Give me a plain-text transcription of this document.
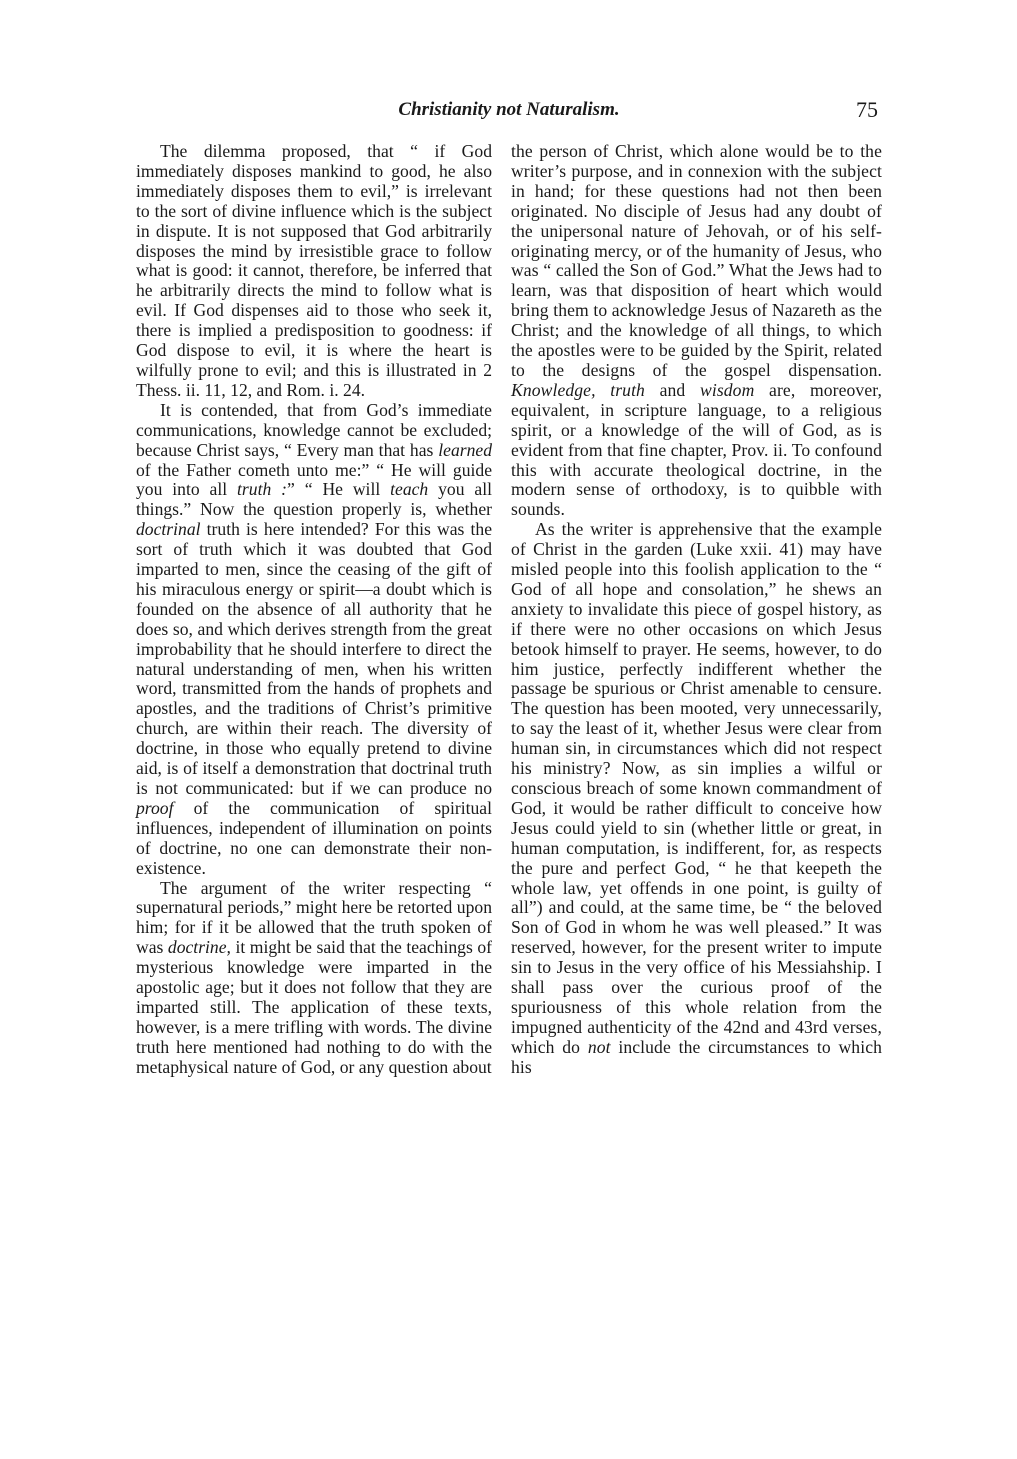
Christianity not Naturalism.	75

The dilemma proposed, that “ if God immediately disposes mankind to good, he also immediately disposes them to evil,” is irrelevant to the sort of divine influence which is the subject in dispute. It is not supposed that God arbitrarily disposes the mind by irresistible grace to follow what is good: it cannot, therefore, be inferred that he arbitrarily directs the mind to follow what is evil. If God dispenses aid to those who seek it, there is implied a predisposition to goodness: if God dispose to evil, it is where the heart is wilfully prone to evil; and this is illustrated in 2 Thess. ii. 11, 12, and Rom. i. 24.

It is contended, that from God’s immediate communications, knowledge cannot be excluded; because Christ says, “ Every man that has learned of the Father cometh unto me:” “ He will guide you into all truth :” “ He will teach you all things.” Now the question properly is, whether doctrinal truth is here intended? For this was the sort of truth which it was doubted that God imparted to men, since the ceasing of the gift of his miraculous energy or spirit—a doubt which is founded on the absence of all authority that he does so, and which derives strength from the great improbability that he should interfere to direct the natural understanding of men, when his written word, transmitted from the hands of prophets and apostles, and the traditions of Christ’s primitive church, are within their reach. The diversity of doctrine, in those who equally pretend to divine aid, is of itself a demonstration that doctrinal truth is not communicated: but if we can produce no proof of the communication of spiritual influences, independent of illumination on points of doctrine, no one can demonstrate their non-existence.

The argument of the writer respecting “ supernatural periods,” might here be retorted upon him; for if it be allowed that the truth spoken of was doctrine, it might be said that the teachings of mysterious knowledge were imparted in the apostolic age; but it does not follow that they are imparted still. The application of these texts, however, is a mere trifling with words. The divine truth here mentioned had nothing to do with the metaphysical nature of God, or any question about

the person of Christ, which alone would be to the writer’s purpose, and in connexion with the subject in hand; for these questions had not then been originated. No disciple of Jesus had any doubt of the unipersonal nature of Jehovah, or of his self-originating mercy, or of the humanity of Jesus, who was “ called the Son of God.” What the Jews had to learn, was that disposition of heart which would bring them to acknowledge Jesus of Nazareth as the Christ; and the knowledge of all things, to which the apostles were to be guided by the Spirit, related to the designs of the gospel dispensation. Knowledge, truth and wisdom are, moreover, equivalent, in scripture language, to a religious spirit, or a knowledge of the will of God, as is evident from that fine chapter, Prov. ii. To confound this with accurate theological doctrine, in the modern sense of orthodoxy, is to quibble with sounds.

As the writer is apprehensive that the example of Christ in the garden (Luke xxii. 41) may have misled people into this foolish application to the “ God of all hope and consolation,” he shews an anxiety to invalidate this piece of gospel history, as if there were no other occasions on which Jesus betook himself to prayer. He seems, however, to do him justice, perfectly indifferent whether the passage be spurious or Christ amenable to censure. The question has been mooted, very unnecessarily, to say the least of it, whether Jesus were clear from human sin, in circumstances which did not respect his ministry? Now, as sin implies a wilful or conscious breach of some known commandment of God, it would be rather difficult to conceive how Jesus could yield to sin (whether little or great, in human computation, is indifferent, for, as respects the pure and perfect God, “ he that keepeth the whole law, yet offends in one point, is guilty of all”) and could, at the same time, be “ the beloved Son of God in whom he was well pleased.” It was reserved, however, for the present writer to impute sin to Jesus in the very office of his Messiahship. I shall pass over the curious proof of the spuriousness of this whole relation from the impugned authenticity of the 42nd and 43rd verses, which do not include the circumstances to which his
